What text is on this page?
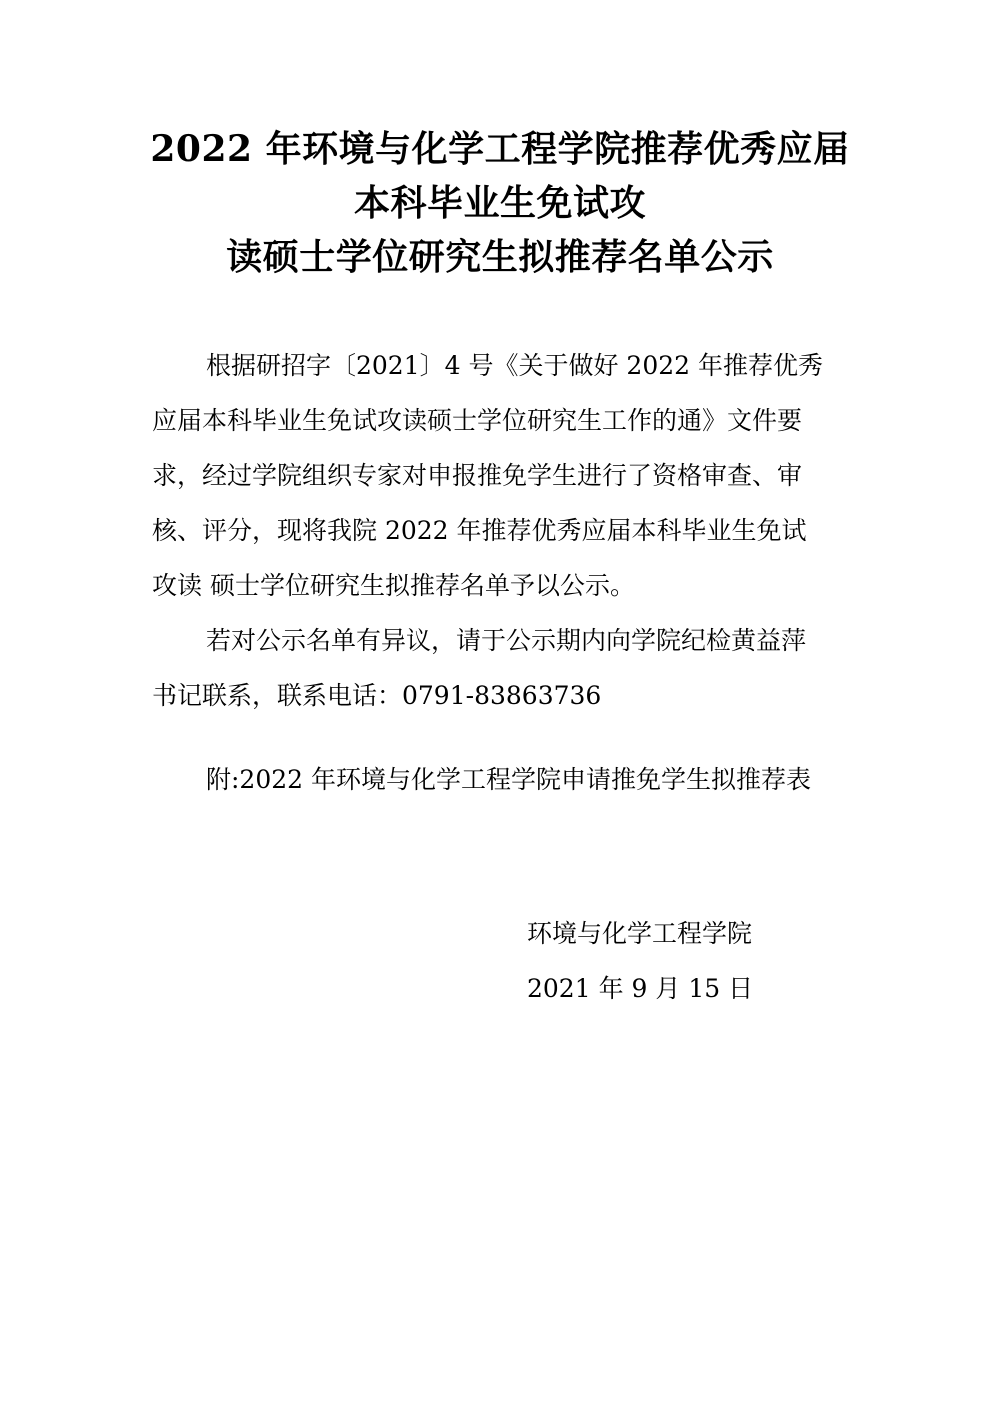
2022 年环境与化学工程学院推荐优秀应届
本科毕业生免试攻
读硕士学位研究生拟推荐名单公示
根据研招字〔2021〕4 号《关于做好 2022 年推荐优秀
应届本科毕业生免试攻读硕士学位研究生工作的通》文件要
求，经过学院组织专家对申报推免学生进行了资格审查、审
核、评分，现将我院 2022 年推荐优秀应届本科毕业生免试
攻读 硕士学位研究生拟推荐名单予以公示。
若对公示名单有异议，请于公示期内向学院纪检黄益萍
书记联系，联系电话：0791-83863736
附:2022 年环境与化学工程学院申请推免学生拟推荐表
环境与化学工程学院
2021 年 9 月 15 日
